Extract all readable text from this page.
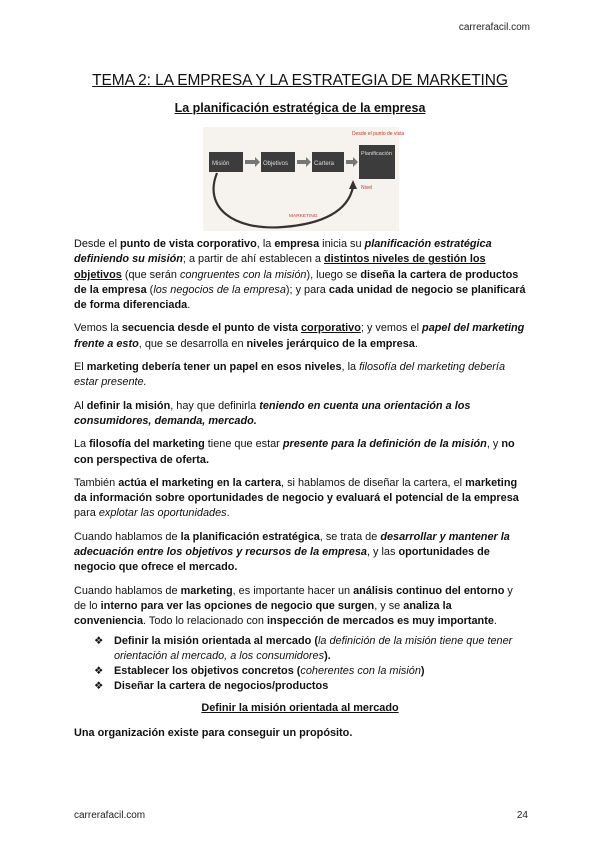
carrerafacil.com
TEMA 2: LA EMPRESA Y LA ESTRATEGIA DE MARKETING
La planificación estratégica de la empresa
Misión	Objetivos	Cartera
Planificación
Desde el punto de vista
MARKETING
Nivel

Desde el punto de vista corporativo, la empresa inicia su planificación estratégica definiendo su misión; a partir de ahí establecen a distintos niveles de gestión los objetivos (que serán congruentes con la misión), luego se diseña la cartera de productos de la empresa (los negocios de la empresa); y para cada unidad de negocio se planificará de forma diferenciada.

Vemos la secuencia desde el punto de vista corporativo; y vemos el papel del marketing frente a esto, que se desarrolla en niveles jerárquico de la empresa.

El marketing debería tener un papel en esos niveles, la filosofía del marketing debería estar presente.

Al definir la misión, hay que definirla teniendo en cuenta una orientación a los consumidores, demanda, mercado.

La filosofía del marketing tiene que estar presente para la definición de la misión, y no con perspectiva de oferta.

También actúa el marketing en la cartera, si hablamos de diseñar la cartera, el marketing da información sobre oportunidades de negocio y evaluará el potencial de la empresa para explotar las oportunidades.

Cuando hablamos de la planificación estratégica, se trata de desarrollar y mantener la adecuación entre los objetivos y recursos de la empresa, y las oportunidades de negocio que ofrece el mercado.

Cuando hablamos de marketing, es importante hacer un análisis continuo del entorno y de lo interno para ver las opciones de negocio que surgen, y se analiza la conveniencia. Todo lo relacionado con inspección de mercados es muy importante.

❖ Definir la misión orientada al mercado (la definición de la misión tiene que tener orientación al mercado, a los consumidores).
❖ Establecer los objetivos concretos (coherentes con la misión)
❖ Diseñar la cartera de negocios/productos
Definir la misión orientada al mercado

Una organización existe para conseguir un propósito.

carrerafacil.com	24
